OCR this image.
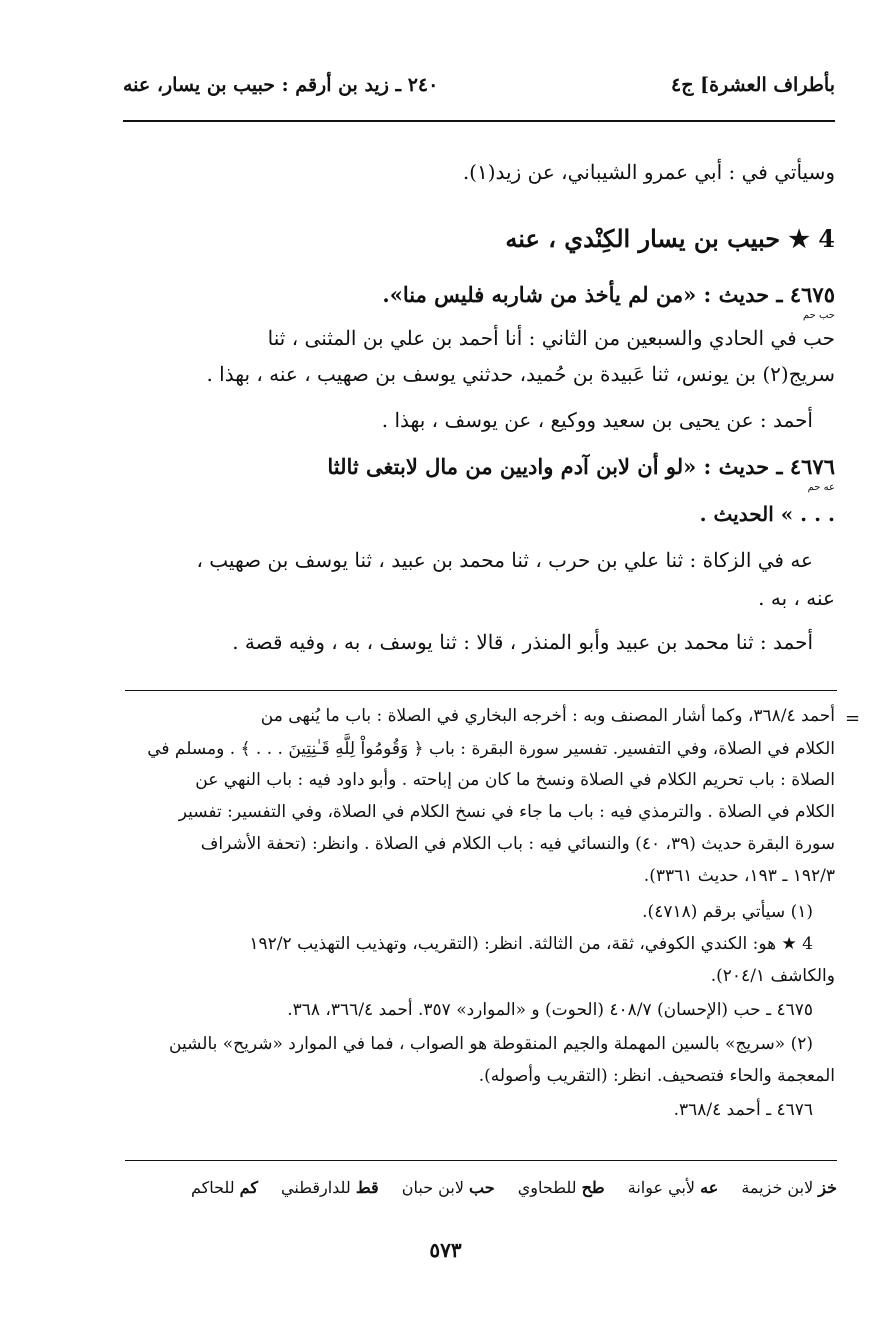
بأطراف العشرة] ج٤
٢٤٠ ـ زيد بن أرقم : حبيب بن يسار، عنه
وسيأتي في : أبي عمرو الشيباني، عن زيد(١).
4 ★ حبيب بن يسار الكِنْدي ، عنه
٤٦٧٥ ـ حديث : «من لم يأخذ من شاربه فليس منا».
حب حم
حب في الحادي والسبعين من الثاني : أنا أحمد بن علي بن المثنى ، ثنا
سريج(٢) بن يونس، ثنا عَبيدة بن حُميد، حدثني يوسف بن صهيب ، عنه ، بهذا .
أحمد : عن يحيى بن سعيد ووكيع ، عن يوسف ، بهذا .
٤٦٧٦ ـ حديث : «لو أن لابن آدم واديين من مال لابتغى ثالثا
عه حم
. . . » الحديث .
عه في الزكاة : ثنا علي بن حرب ، ثنا محمد بن عبيد ، ثنا يوسف بن صهيب ،
عنه ، به .
أحمد : ثنا محمد بن عبيد وأبو المنذر ، قالا : ثنا يوسف ، به ، وفيه قصة .
=
أحمد ٣٦٨/٤، وكما أشار المصنف وبه : أخرجه البخاري في الصلاة : باب ما يُنهى من
الكلام في الصلاة، وفي التفسير. تفسير سورة البقرة : باب ﴿ وَقُومُواْ لِلَّهِ قَـٰنِتِينَ . . . ﴾ . ومسلم في
الصلاة : باب تحريم الكلام في الصلاة ونسخ ما كان من إباحته . وأبو داود فيه : باب النهي عن
الكلام في الصلاة . والترمذي فيه : باب ما جاء في نسخ الكلام في الصلاة، وفي التفسير: تفسير
سورة البقرة حديث (٣٩، ٤٠) والنسائي فيه : باب الكلام في الصلاة . وانظر: (تحفة الأشراف
١٩٢/٣ ـ ١٩٣، حديث ٣٣٦١).
(١) سيأتي برقم (٤٧١٨).
4 ★ هو: الكندي الكوفي، ثقة، من الثالثة. انظر: (التقريب، وتهذيب التهذيب ١٩٢/٢
والكاشف ٢٠٤/١).
٤٦٧٥ ـ حب (الإحسان) ٤٠٨/٧ (الحوت) و «الموارد» ٣٥٧. أحمد ٣٦٦/٤، ٣٦٨.
(٢) «سريج» بالسين المهملة والجيم المنقوطة هو الصواب ، فما في الموارد «شريح» بالشين
المعجمة والحاء فتصحيف. انظر: (التقريب وأصوله).
٤٦٧٦ ـ أحمد ٣٦٨/٤.
خز لابن خزيمة عه لأبي عوانة طح للطحاوي حب لابن حبان قط للدارقطني كم للحاكم
٥٧٣
